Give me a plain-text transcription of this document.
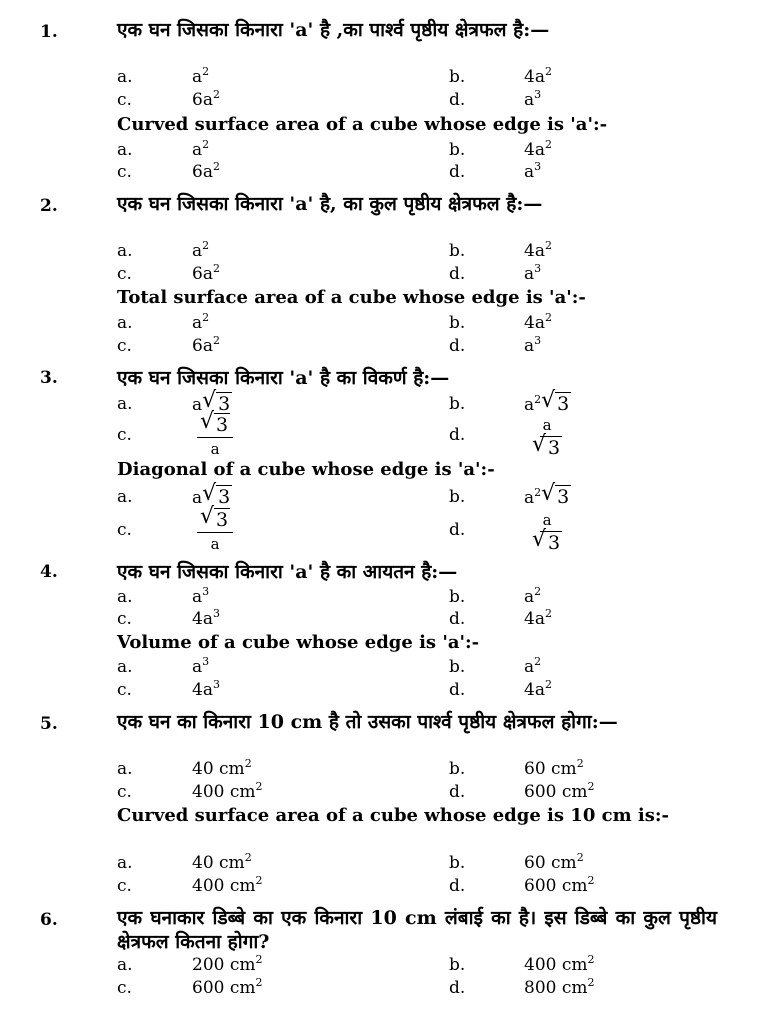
1.	एक घन जिसका किनारा 'a' है ,का पार्श्व पृष्ठीय क्षेत्रफल है:—
a.	$a^2$	b.	$4a^2$
c.	$6a^2$	d.	$a^3$
Curved surface area of a cube whose edge is 'a':-
a.	$a^2$	b.	$4a^2$
c.	$6a^2$	d.	$a^3$
2.	एक घन जिसका किनारा 'a' है, का कुल पृष्ठीय क्षेत्रफल है:—
a.	$a^2$	b.	$4a^2$
c.	$6a^2$	d.	$a^3$
Total surface area of a cube whose edge is 'a':-
a.	$a^2$	b.	$4a^2$
c.	$6a^2$	d.	$a^3$
3.	एक घन जिसका किनारा 'a' है का विकर्ण है:—
a.	a √ 3	b.	$a^2$ √ 3
c.	$\frac{√ 3}{a}$	d.	$\frac{a}{√ 3}$
Diagonal of a cube whose edge is 'a':-
a.	a √ 3	b.	$a^2$ √ 3
c.	$\frac{√ 3}{a}$	d.	$\frac{a}{√ 3}$
4.	एक घन जिसका किनारा 'a' है का आयतन है:—
a.	$a^3$	b.	$a^2$
c.	$4a^3$	d.	$4a^2$
Volume of a cube whose edge is 'a':-
a.	$a^3$	b.	$a^2$
c.	$4a^3$	d.	$4a^2$
5.	एक घन का किनारा 10 cm है तो उसका पार्श्व पृष्ठीय क्षेत्रफल होगा:—
a.	40 $cm^2$	b.	60 $cm^2$
c.	400 $cm^2$	d.	600 $cm^2$
Curved surface area of a cube whose edge is 10 cm is:-
a.	40 $cm^2$	b.	60 $cm^2$
c.	400 $cm^2$	d.	600 $cm^2$
6.	एक घनाकार डिब्बे का एक किनारा 10 cm लंबाई का है। इस डिब्बे का कुल पृष्ठीय क्षेत्रफल कितना होगा?
a.	200 $cm^2$	b.	400 $cm^2$
c.	600 $cm^2$	d.	800 $cm^2$
